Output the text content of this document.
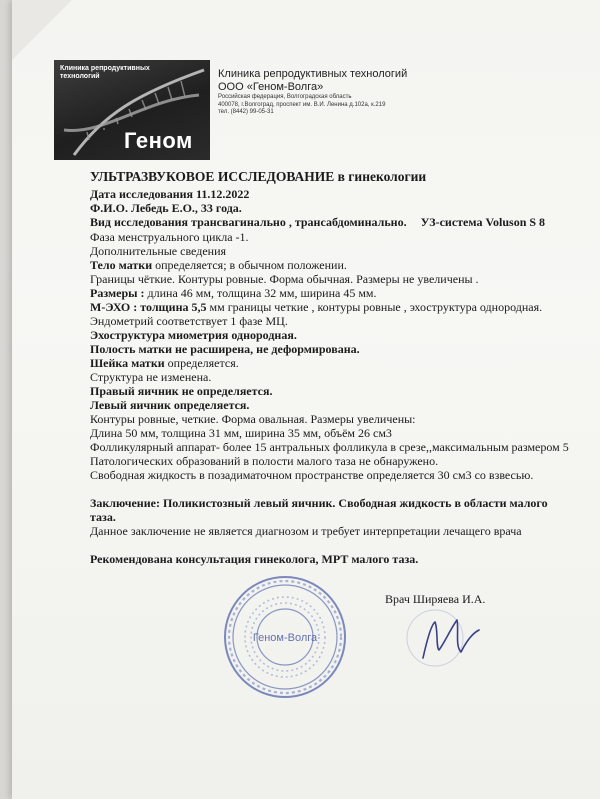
Клиника репродуктивных технологий
Геном
Клиника репродуктивных технологий
ООО «Геном-Волга»
Российская федерация, Волгоградская область
400078, г.Волгоград, проспект им. В.И. Ленина д.102а, к.219
тел. (8442) 99-05-31
УЛЬТРАЗВУКОВОЕ ИССЛЕДОВАНИЕ в гинекологии
Дата исследования 11.12.2022
Ф.И.О. Лебедь Е.О., 33 года.
Вид исследования трансвагинально , трансабдоминально. УЗ-система Voluson S 8
Фаза менструального цикла -1.
Дополнительные сведения
Тело матки определяется; в обычном положении.
Границы чёткие. Контуры ровные. Форма обычная. Размеры не увеличены .
Размеры : длина 46 мм, толщина 32 мм, ширина 45 мм.
М-ЭХО : толщина 5,5 мм границы четкие , контуры ровные , эхоструктура однородная.
Эндометрий соответствует 1 фазе МЦ.
Эхоструктура миометрия однородная.
Полость матки не расширена, не деформирована.
Шейка матки определяется.
Структура не изменена.
Правый яичник не определяется.
Левый яичник определяется.
Контуры ровные, четкие. Форма овальная. Размеры увеличены:
Длина 50 мм, толщина 31 мм, ширина 35 мм, объём 26 см3
Фолликулярный аппарат- более 15 антральных фолликула в срезе,,максимальным размером 5
Патологических образований в полости малого таза не обнаружено.
Свободная жидкость в позадиматочном пространстве определяется 30 см3 со взвесью.
Заключение: Поликистозный левый яичник. Свободная жидкость в области малого
таза.
Данное заключение не является диагнозом и требует интерпретации лечащего врача
Рекомендована консультация гинеколога, МРТ малого таза.
Геном-Волга
Врач Ширяева И.А.
